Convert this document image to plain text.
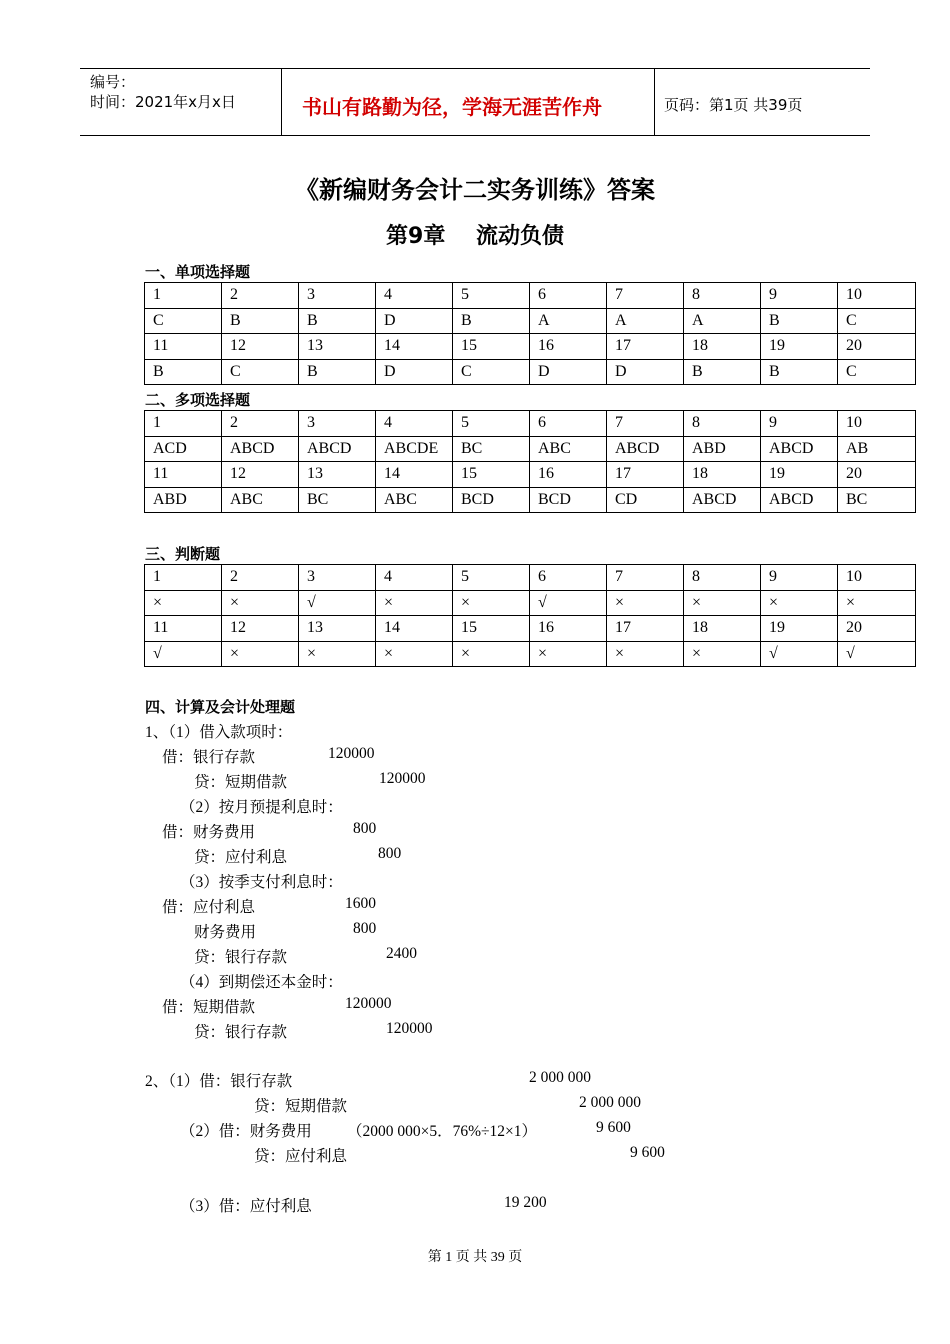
编号：
时间：2021年x月x日	书山有路勤为径，学海无涯苦作舟	页码：第1页 共39页
《新编财务会计二实务训练》答案
第9章    流动负债
一、单项选择题
1	2	3	4	5	6	7	8	9	10
C	B	B	D	B	A	A	A	B	C
11	12	13	14	15	16	17	18	19	20
B	C	B	D	C	D	D	B	B	C
二、多项选择题
1	2	3	4	5	6	7	8	9	10
ACD	ABCD	ABCD	ABCDE	BC	ABC	ABCD	ABD	ABCD	AB
11	12	13	14	15	16	17	18	19	20
ABD	ABC	BC	ABC	BCD	BCD	CD	ABCD	ABCD	BC
三、判断题
1	2	3	4	5	6	7	8	9	10
×	×	√	×	×	√	×	×	×	×
11	12	13	14	15	16	17	18	19	20
√	×	×	×	×	×	×	×	√	√
四、计算及会计处理题
1、（1）借入款项时：
借：银行存款	120000
贷：短期借款	120000
（2）按月预提利息时：
借：财务费用	800
贷：应付利息	800
（3）按季支付利息时：
借：应付利息	1600
财务费用	800
贷：银行存款	2400
（4）到期偿还本金时：
借：短期借款	120000
贷：银行存款	120000
2、（1）借：银行存款	2 000 000
贷：短期借款	2 000 000
（2）借：财务费用 （2000 000×5．76%÷12×1）	9 600
贷：应付利息	9 600
（3）借：应付利息	19 200
第 1 页 共 39 页
